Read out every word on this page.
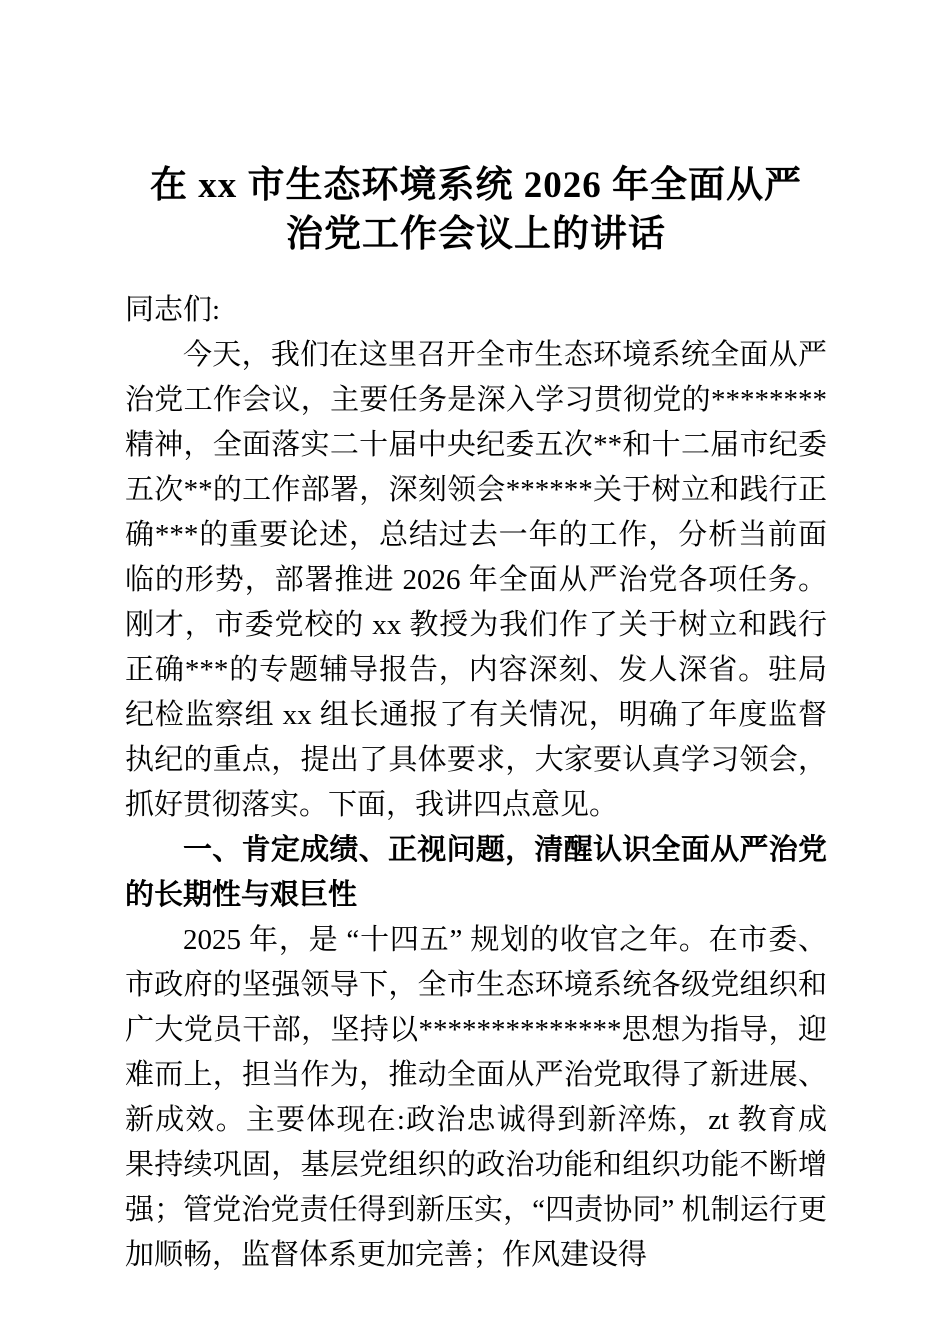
在 xx 市生态环境系统 2026 年全面从严
治党工作会议上的讲话

同志们:

今天，我们在这里召开全市生态环境系统全面从严治党工作会议，主要任务是深入学习贯彻党的********精神，全面落实二十届中央纪委五次**和十二届市纪委五次**的工作部署，深刻领会******关于树立和践行正确***的重要论述，总结过去一年的工作，分析当前面临的形势，部署推进 2026 年全面从严治党各项任务。刚才，市委党校的 xx 教授为我们作了关于树立和践行正确***的专题辅导报告，内容深刻、发人深省。驻局纪检监察组 xx 组长通报了有关情况，明确了年度监督执纪的重点，提出了具体要求，大家要认真学习领会，抓好贯彻落实。下面，我讲四点意见。

一、肯定成绩、正视问题，清醒认识全面从严治党的长期性与艰巨性

2025 年，是 “十四五” 规划的收官之年。在市委、市政府的坚强领导下，全市生态环境系统各级党组织和广大党员干部，坚持以**************思想为指导，迎难而上，担当作为，推动全面从严治党取得了新进展、新成效。主要体现在:政治忠诚得到新淬炼，zt 教育成果持续巩固，基层党组织的政治功能和组织功能不断增强；管党治党责任得到新压实，“四责协同” 机制运行更加顺畅，监督体系更加完善；作风建设得
